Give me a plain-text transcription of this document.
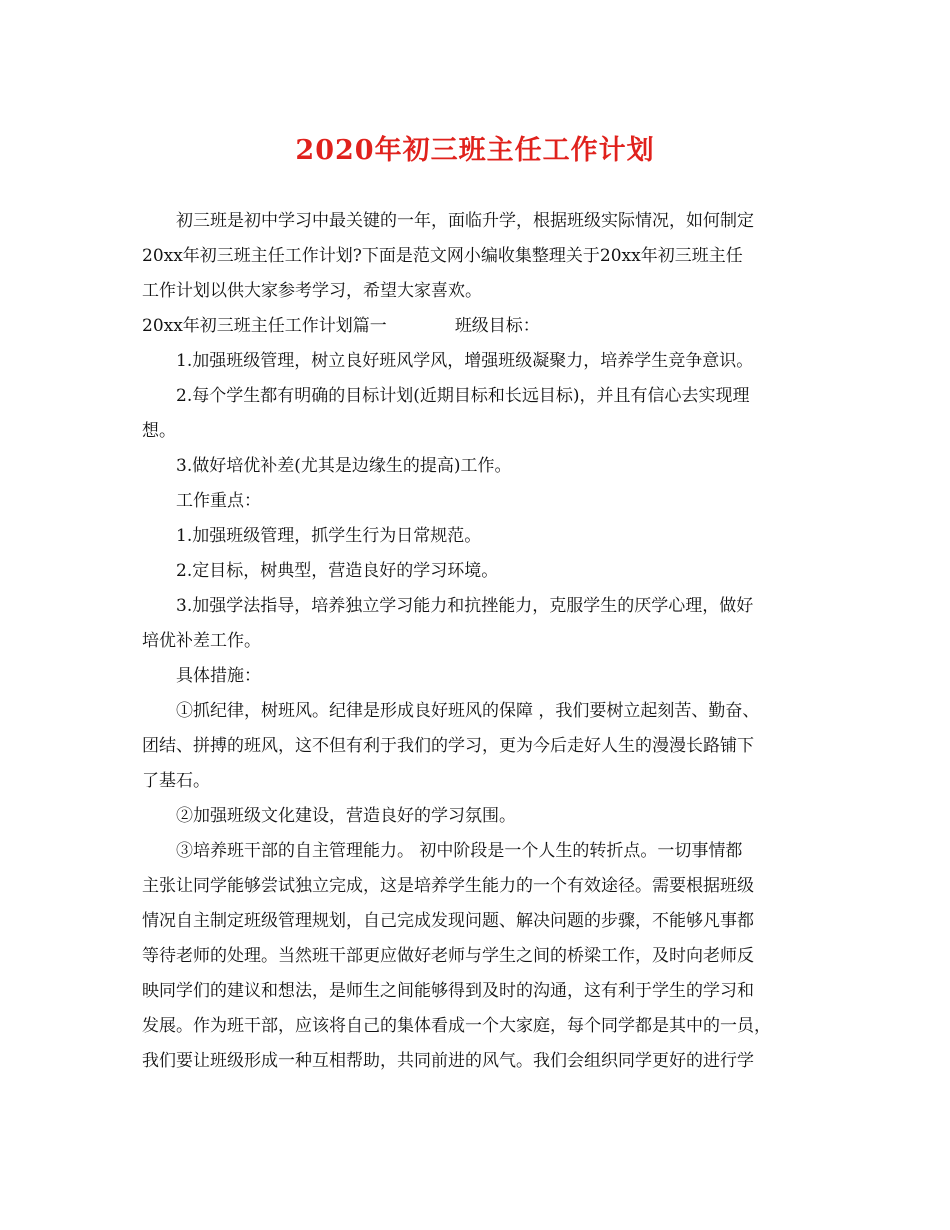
2020年初三班主任工作计划
初三班是初中学习中最关键的一年，面临升学，根据班级实际情况，如何制定
20xx年初三班主任工作计划?下面是范文网小编收集整理关于20xx年初三班主任
工作计划以供大家参考学习，希望大家喜欢。
20xx年初三班主任工作计划篇一	班级目标：
1.加强班级管理，树立良好班风学风，增强班级凝聚力，培养学生竞争意识。
2.每个学生都有明确的目标计划(近期目标和长远目标)，并且有信心去实现理
想。
3.做好培优补差(尤其是边缘生的提高)工作。
工作重点：
1.加强班级管理，抓学生行为日常规范。
2.定目标，树典型，营造良好的学习环境。
3.加强学法指导，培养独立学习能力和抗挫能力，克服学生的厌学心理，做好
培优补差工作。
具体措施：
①抓纪律，树班风。纪律是形成良好班风的保障 ，我们要树立起刻苦、勤奋、
团结、拼搏的班风，这不但有利于我们的学习，更为今后走好人生的漫漫长路铺下
了基石。
②加强班级文化建设，营造良好的学习氛围。
③培养班干部的自主管理能力。 初中阶段是一个人生的转折点。一切事情都
主张让同学能够尝试独立完成，这是培养学生能力的一个有效途径。需要根据班级
情况自主制定班级管理规划，自己完成发现问题、解决问题的步骤，不能够凡事都
等待老师的处理。当然班干部更应做好老师与学生之间的桥梁工作，及时向老师反
映同学们的建议和想法，是师生之间能够得到及时的沟通，这有利于学生的学习和
发展。作为班干部，应该将自己的集体看成一个大家庭，每个同学都是其中的一员，
我们要让班级形成一种互相帮助，共同前进的风气。我们会组织同学更好的进行学
